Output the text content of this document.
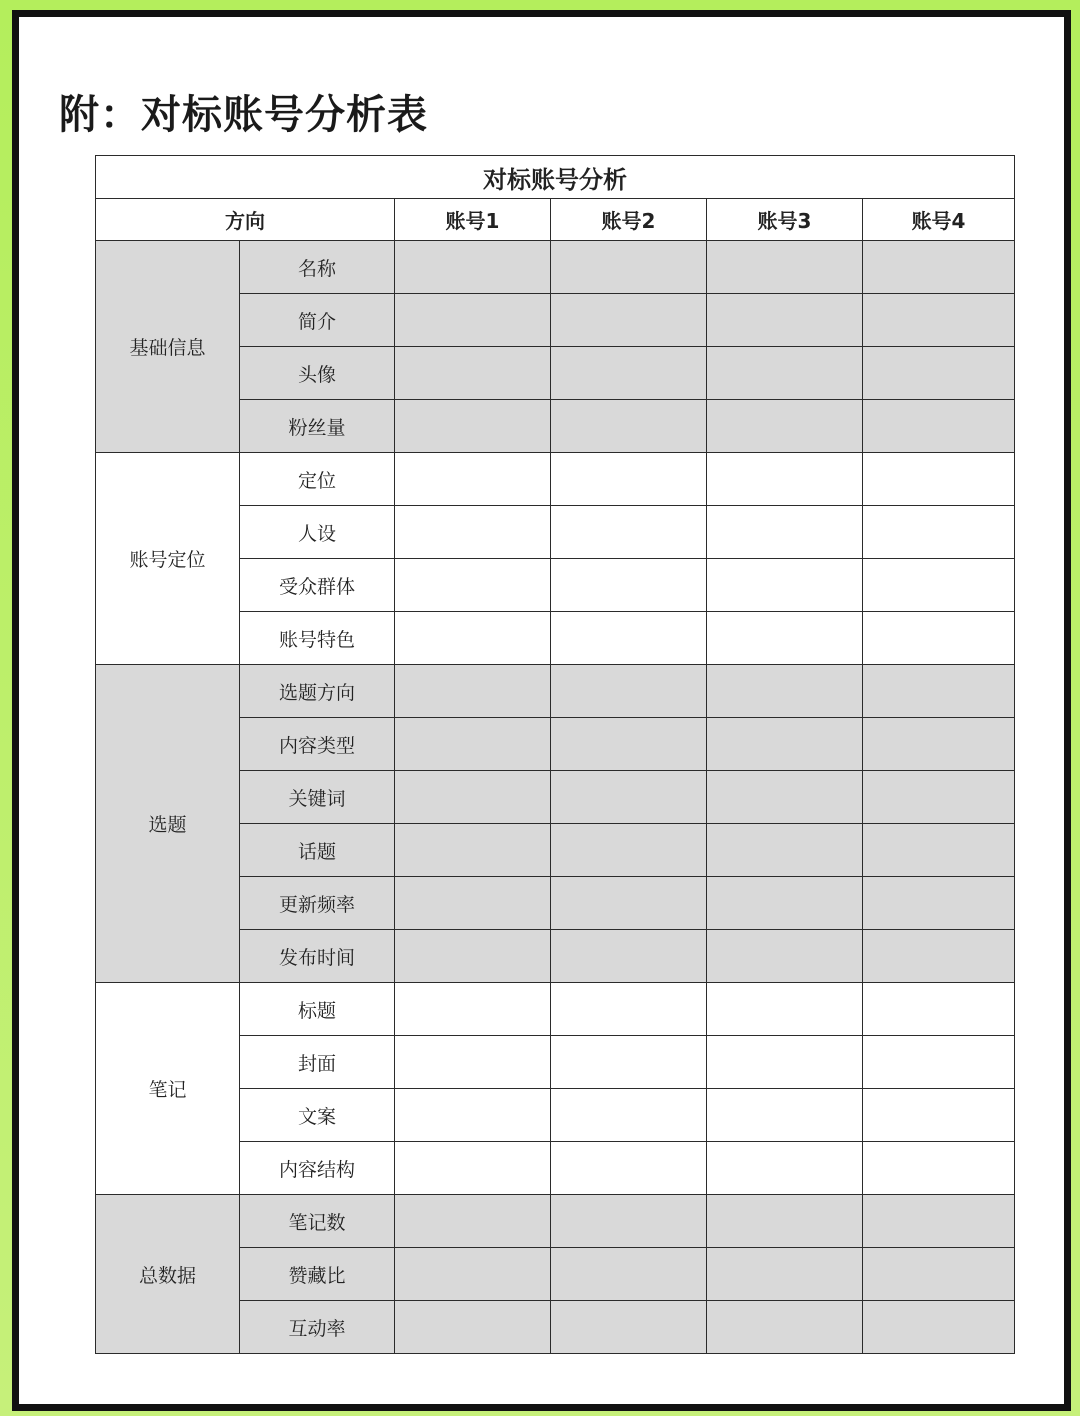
附：对标账号分析表
对标账号分析					
方向		账号1	账号2	账号3	账号4
基础信息	名称				
	简介				
	头像				
	粉丝量				
账号定位	定位				
	人设				
	受众群体				
	账号特色				
选题	选题方向				
	内容类型				
	关键词				
	话题				
	更新频率				
	发布时间				
笔记	标题				
	封面				
	文案				
	内容结构				
总数据	笔记数				
	赞藏比				
	互动率				
